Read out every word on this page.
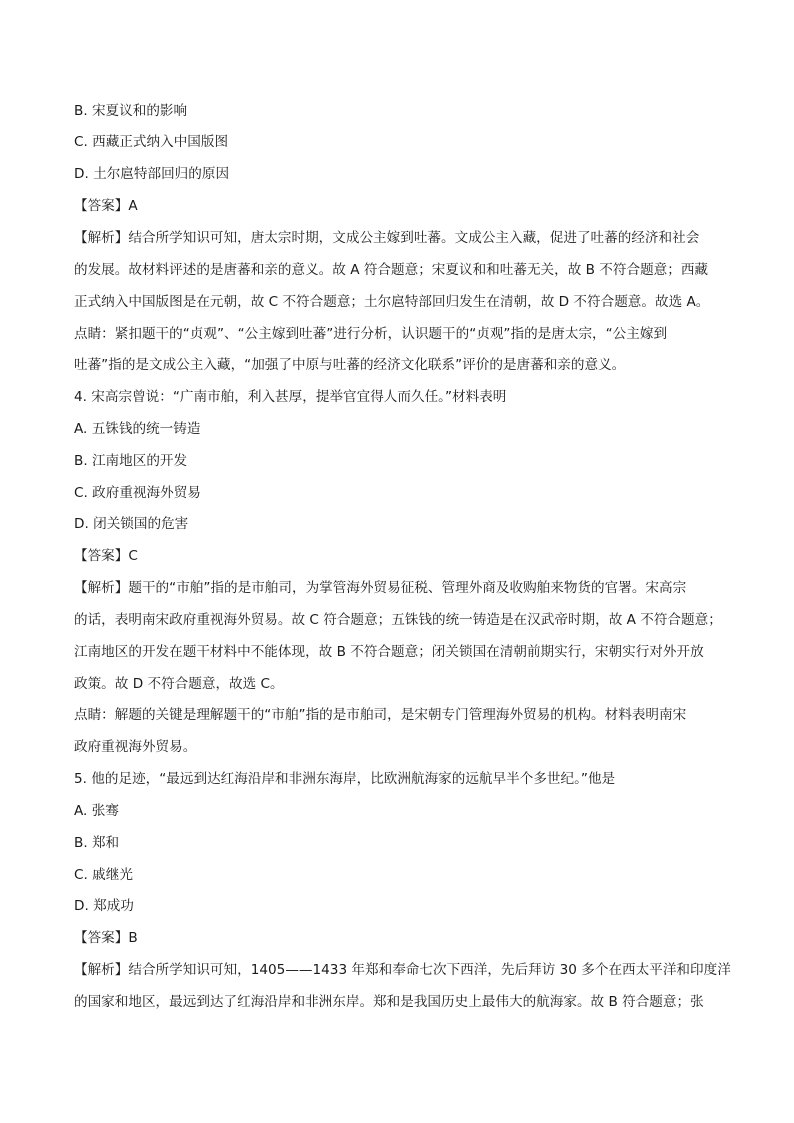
B. 宋夏议和的影响
C. 西藏正式纳入中国版图
D. 土尔扈特部回归的原因
【答案】A
【解析】结合所学知识可知，唐太宗时期，文成公主嫁到吐蕃。文成公主入藏，促进了吐蕃的经济和社会
的发展。故材料评述的是唐蕃和亲的意义。故 A 符合题意；宋夏议和和吐蕃无关，故 B 不符合题意；西藏
正式纳入中国版图是在元朝，故 C 不符合题意；土尔扈特部回归发生在清朝，故 D 不符合题意。故选 A。
点睛：紧扣题干的“贞观”、“公主嫁到吐蕃”进行分析，认识题干的“贞观”指的是唐太宗，“公主嫁到
吐蕃”指的是文成公主入藏，“加强了中原与吐蕃的经济文化联系”评价的是唐蕃和亲的意义。
4. 宋高宗曾说：“广南市舶，利入甚厚，提举官宜得人而久任。”材料表明
A. 五铢钱的统一铸造
B. 江南地区的开发
C. 政府重视海外贸易
D. 闭关锁国的危害
【答案】C
【解析】题干的“市舶”指的是市舶司，为掌管海外贸易征税、管理外商及收购舶来物货的官署。宋高宗
的话，表明南宋政府重视海外贸易。故 C 符合题意；五铢钱的统一铸造是在汉武帝时期，故 A 不符合题意；
江南地区的开发在题干材料中不能体现，故 B 不符合题意；闭关锁国在清朝前期实行，宋朝实行对外开放
政策。故 D 不符合题意，故选 C。
点睛：解题的关键是理解题干的“市舶”指的是市舶司，是宋朝专门管理海外贸易的机构。材料表明南宋
政府重视海外贸易。
5. 他的足迹，“最远到达红海沿岸和非洲东海岸，比欧洲航海家的远航早半个多世纪。”他是
A. 张骞
B. 郑和
C. 戚继光
D. 郑成功
【答案】B
【解析】结合所学知识可知，1405——1433 年郑和奉命七次下西洋，先后拜访 30 多个在西太平洋和印度洋
的国家和地区，最远到达了红海沿岸和非洲东岸。郑和是我国历史上最伟大的航海家。故 B 符合题意；张
